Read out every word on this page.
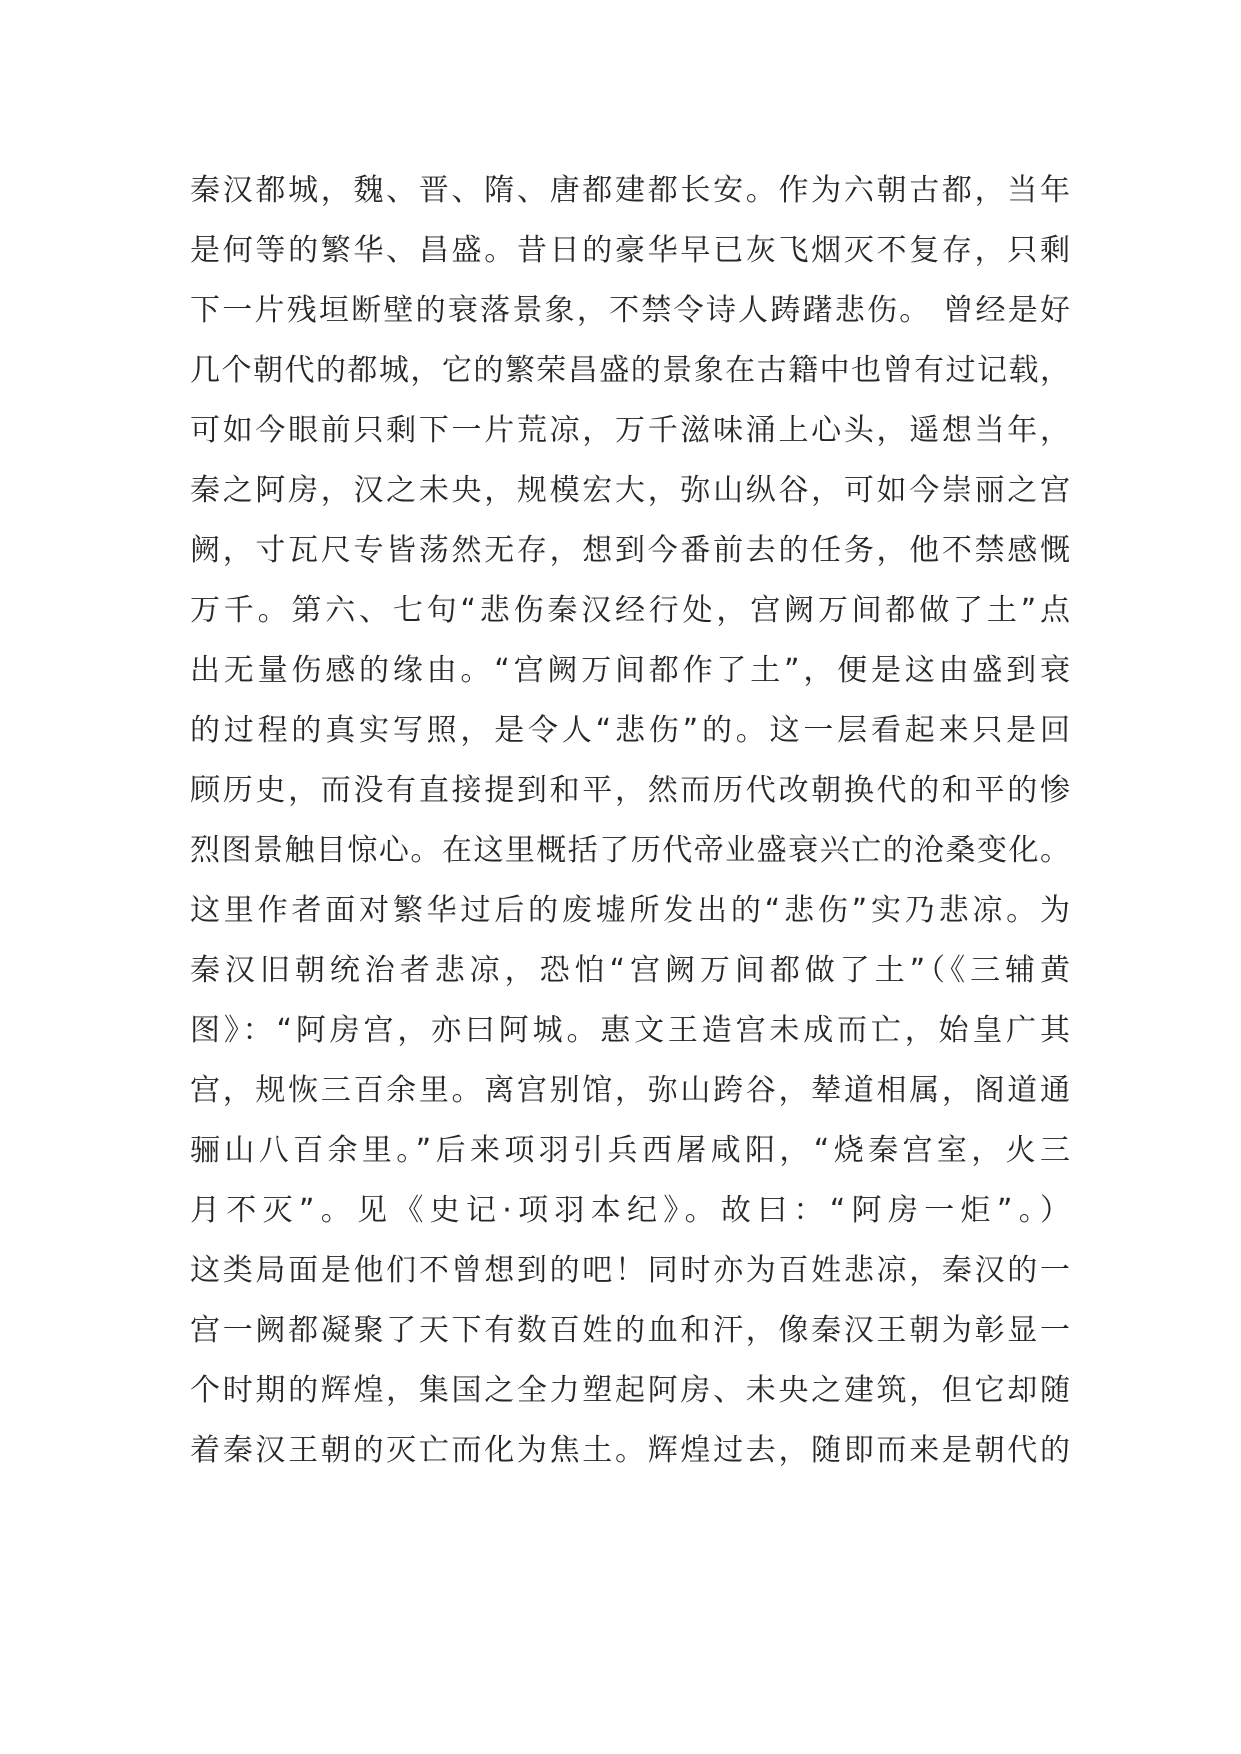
秦汉都城，魏、晋、隋、唐都建都长安。作为六朝古都，当年
是何等的繁华、昌盛。昔日的豪华早已灰飞烟灭不复存，只剩
下一片残垣断壁的衰落景象，不禁令诗人踌躇悲伤。 曾经是好
几个朝代的都城，它的繁荣昌盛的景象在古籍中也曾有过记载，
可如今眼前只剩下一片荒凉，万千滋味涌上心头，遥想当年，
秦之阿房，汉之未央，规模宏大，弥山纵谷，可如今崇丽之宫
阙，寸瓦尺专皆荡然无存，想到今番前去的任务，他不禁感慨
万千。第六、七句“悲伤秦汉经行处，宫阙万间都做了土”点
出无量伤感的缘由。“宫阙万间都作了土”，便是这由盛到衰
的过程的真实写照，是令人“悲伤”的。这一层看起来只是回
顾历史，而没有直接提到和平，然而历代改朝换代的和平的惨
烈图景触目惊心。在这里概括了历代帝业盛衰兴亡的沧桑变化。
这里作者面对繁华过后的废墟所发出的“悲伤”实乃悲凉。为
秦汉旧朝统治者悲凉，恐怕“宫阙万间都做了土”（《三辅黄
图》：“阿房宫，亦曰阿城。惠文王造宫未成而亡，始皇广其
宫，规恢三百余里。离宫别馆，弥山跨谷，辇道相属，阁道通
骊山八百余里。”后来项羽引兵西屠咸阳，“烧秦宫室，火三
月不灭”。见《史记·项羽本纪》。故曰：“阿房一炬”。）
这类局面是他们不曾想到的吧！同时亦为百姓悲凉，秦汉的一
宫一阙都凝聚了天下有数百姓的血和汗，像秦汉王朝为彰显一
个时期的辉煌，集国之全力塑起阿房、未央之建筑，但它却随
着秦汉王朝的灭亡而化为焦土。辉煌过去，随即而来是朝代的
